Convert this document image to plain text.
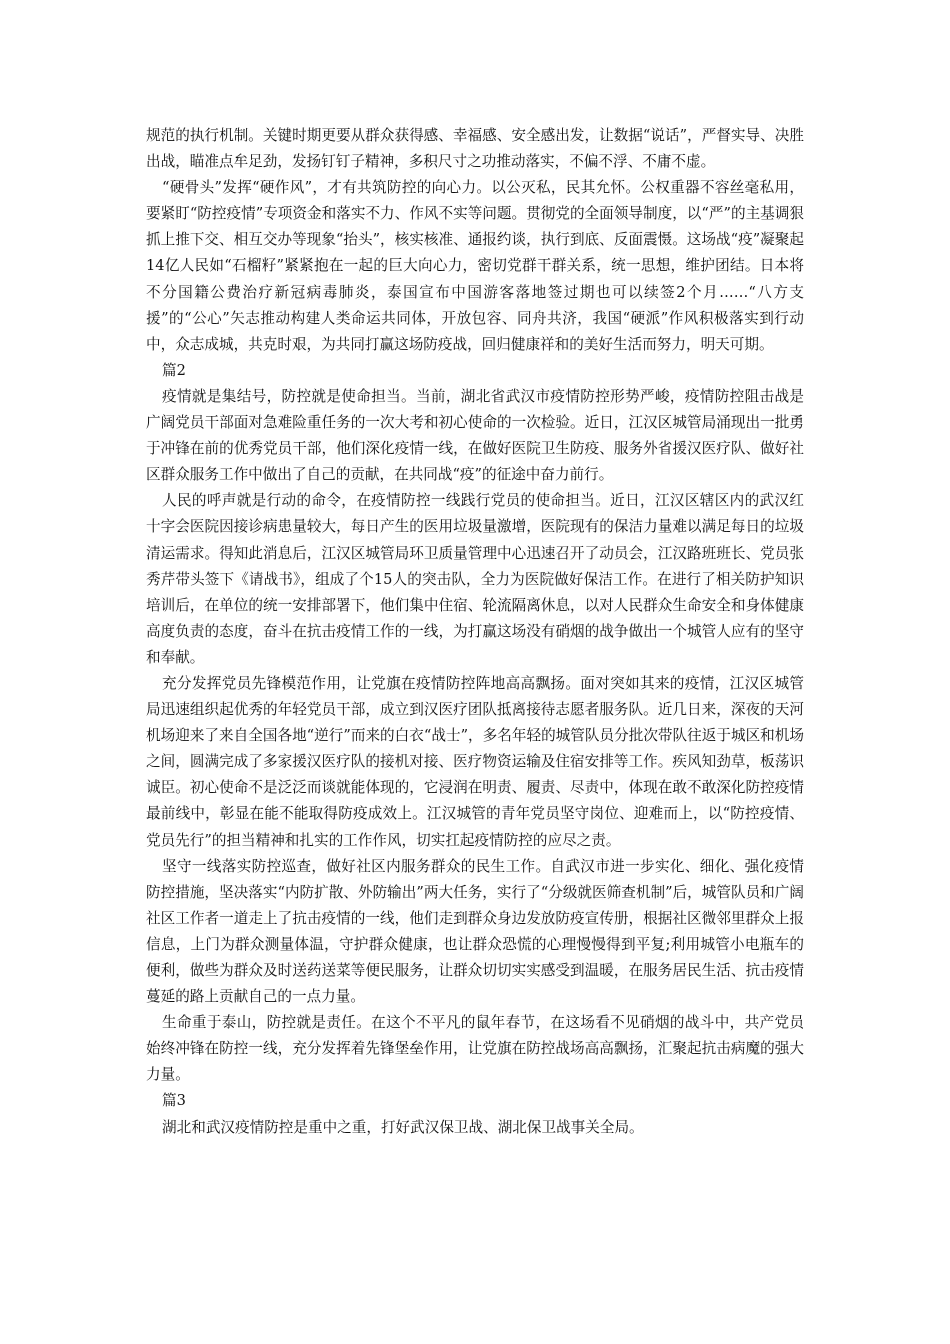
规范的执行机制。关键时期更要从群众获得感、幸福感、安全感出发，让数据“说话”，严督实导、决胜出战，瞄准点牟足劲，发扬钉钉子精神，多积尺寸之功推动落实，不偏不浮、不庸不虚。

“硬骨头”发挥“硬作风”，才有共筑防控的向心力。以公灭私，民其允怀。公权重器不容丝毫私用，要紧盯“防控疫情”专项资金和落实不力、作风不实等问题。贯彻党的全面领导制度，以“严”的主基调狠抓上推下交、相互交办等现象“抬头”，核实核准、通报约谈，执行到底、反面震慑。这场战“疫”凝聚起14亿人民如“石榴籽”紧紧抱在一起的巨大向心力，密切党群干群关系，统一思想，维护团结。日本将不分国籍公费治疗新冠病毒肺炎，泰国宣布中国游客落地签过期也可以续签2个月……“八方支援”的“公心”矢志推动构建人类命运共同体，开放包容、同舟共济，我国“硬派”作风积极落实到行动中，众志成城，共克时艰，为共同打赢这场防疫战，回归健康祥和的美好生活而努力，明天可期。

篇2

疫情就是集结号，防控就是使命担当。当前，湖北省武汉市疫情防控形势严峻，疫情防控阻击战是广阔党员干部面对急难险重任务的一次大考和初心使命的一次检验。近日，江汉区城管局涌现出一批勇于冲锋在前的优秀党员干部，他们深化疫情一线，在做好医院卫生防疫、服务外省援汉医疗队、做好社区群众服务工作中做出了自己的贡献，在共同战“疫”的征途中奋力前行。

人民的呼声就是行动的命令，在疫情防控一线践行党员的使命担当。近日，江汉区辖区内的武汉红十字会医院因接诊病患量较大，每日产生的医用垃圾量激增，医院现有的保洁力量难以满足每日的垃圾清运需求。得知此消息后，江汉区城管局环卫质量管理中心迅速召开了动员会，江汉路班班长、党员张秀芹带头签下《请战书》，组成了个15人的突击队，全力为医院做好保洁工作。在进行了相关防护知识培训后，在单位的统一安排部署下，他们集中住宿、轮流隔离休息，以对人民群众生命安全和身体健康高度负责的态度，奋斗在抗击疫情工作的一线，为打赢这场没有硝烟的战争做出一个城管人应有的坚守和奉献。

充分发挥党员先锋模范作用，让党旗在疫情防控阵地高高飘扬。面对突如其来的疫情，江汉区城管局迅速组织起优秀的年轻党员干部，成立到汉医疗团队抵离接待志愿者服务队。近几日来，深夜的天河机场迎来了来自全国各地“逆行”而来的白衣“战士”，多名年轻的城管队员分批次带队往返于城区和机场之间，圆满完成了多家援汉医疗队的接机对接、医疗物资运输及住宿安排等工作。疾风知劲草，板荡识诚臣。初心使命不是泛泛而谈就能体现的，它浸润在明责、履责、尽责中，体现在敢不敢深化防控疫情最前线中，彰显在能不能取得防疫成效上。江汉城管的青年党员坚守岗位、迎难而上，以“防控疫情、党员先行”的担当精神和扎实的工作作风，切实扛起疫情防控的应尽之责。

坚守一线落实防控巡查，做好社区内服务群众的民生工作。自武汉市进一步实化、细化、强化疫情防控措施，坚决落实“内防扩散、外防输出”两大任务，实行了“分级就医筛查机制”后，城管队员和广阔社区工作者一道走上了抗击疫情的一线，他们走到群众身边发放防疫宣传册，根据社区微邻里群众上报信息，上门为群众测量体温，守护群众健康，也让群众恐慌的心理慢慢得到平复;利用城管小电瓶车的便利，做些为群众及时送药送菜等便民服务，让群众切切实实感受到温暖，在服务居民生活、抗击疫情蔓延的路上贡献自己的一点力量。

生命重于泰山，防控就是责任。在这个不平凡的鼠年春节，在这场看不见硝烟的战斗中，共产党员始终冲锋在防控一线，充分发挥着先锋堡垒作用，让党旗在防控战场高高飘扬，汇聚起抗击病魔的强大力量。

篇3

湖北和武汉疫情防控是重中之重，打好武汉保卫战、湖北保卫战事关全局。
